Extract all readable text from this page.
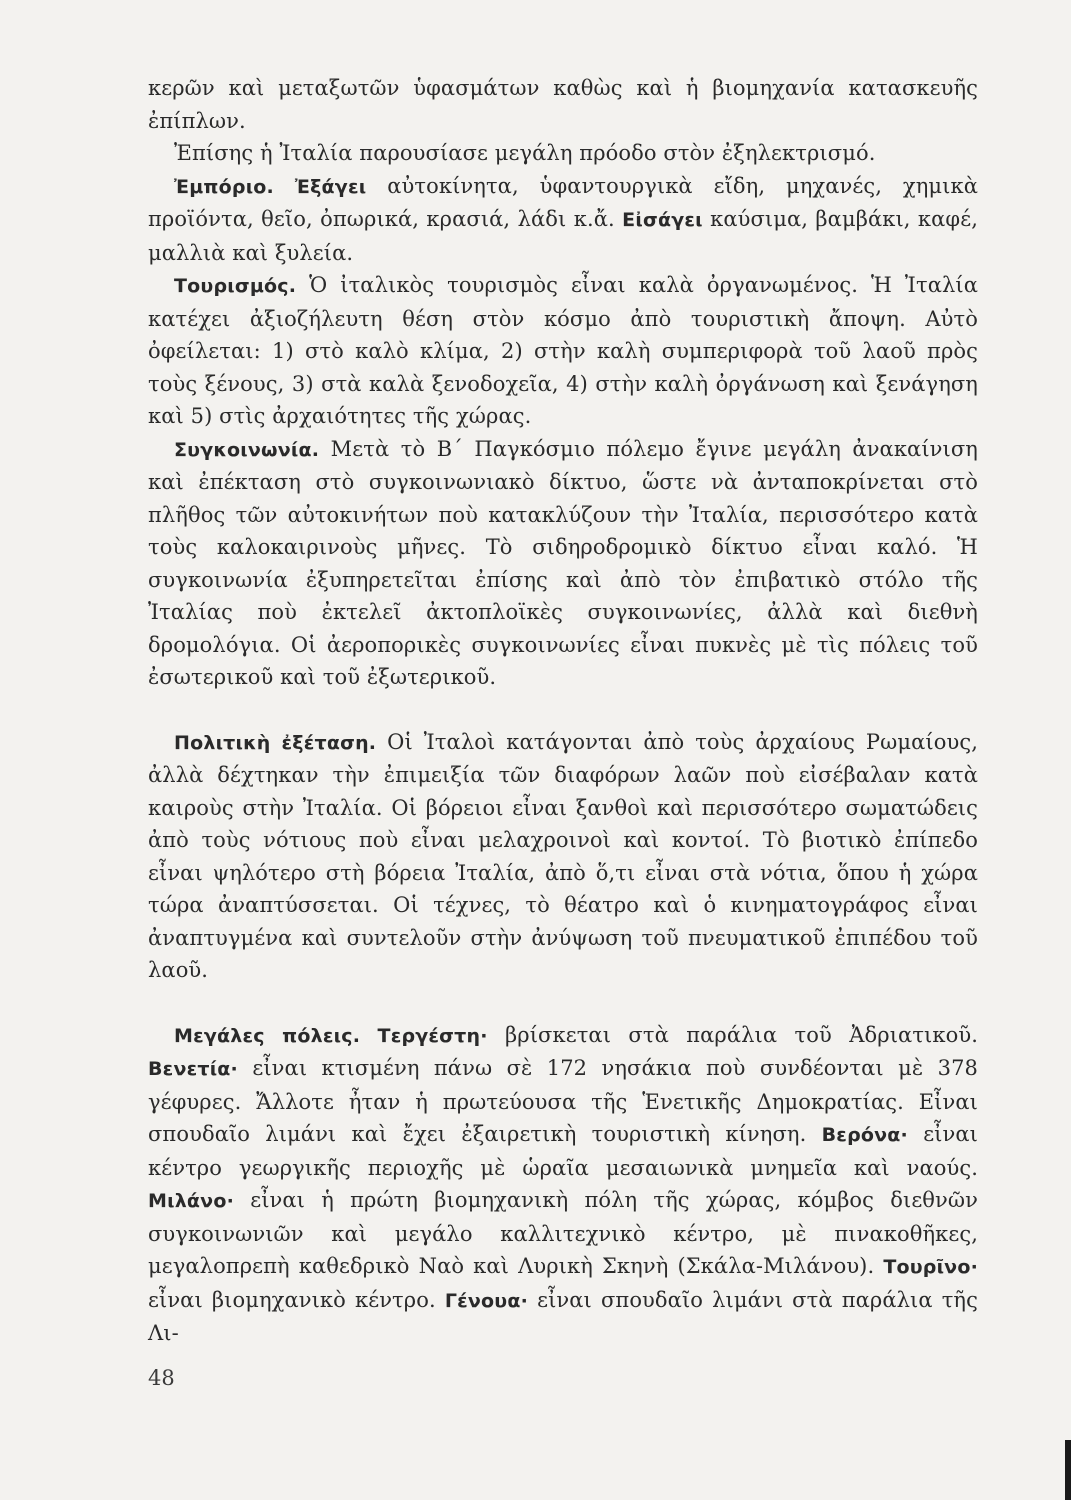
κερῶν καὶ μεταξωτῶν ὑφασμάτων καθὼς καὶ ἡ βιομηχανία κατασκευῆς ἐπίπλων.

Ἐπίσης ἡ Ἰταλία παρουσίασε μεγάλη πρόοδο στὸν ἐξηλεκτρισμό.

Ἐμπόριο. Ἐξάγει αὐτοκίνητα, ὑφαντουργικὰ εἴδη, μηχανές, χημικὰ προϊόντα, θεῖο, ὀπωρικά, κρασιά, λάδι κ.ἄ. Εἰσάγει καύσιμα, βαμβάκι, καφέ, μαλλιὰ καὶ ξυλεία.

Τουρισμός. Ὁ ἰταλικὸς τουρισμὸς εἶναι καλὰ ὀργανωμένος. Ἡ Ἰταλία κατέχει ἀξιοζήλευτη θέση στὸν κόσμο ἀπὸ τουριστικὴ ἄποψη. Αὐτὸ ὀφείλεται: 1) στὸ καλὸ κλίμα, 2) στὴν καλὴ συμπεριφορὰ τοῦ λαοῦ πρὸς τοὺς ξένους, 3) στὰ καλὰ ξενοδοχεῖα, 4) στὴν καλὴ ὀργάνωση καὶ ξενάγηση καὶ 5) στὶς ἀρχαιότητες τῆς χώρας.

Συγκοινωνία. Μετὰ τὸ Β΄ Παγκόσμιο πόλεμο ἔγινε μεγάλη ἀνακαίνιση καὶ ἐπέκταση στὸ συγκοινωνιακὸ δίκτυο, ὥστε νὰ ἀνταποκρίνεται στὸ πλῆθος τῶν αὐτοκινήτων ποὺ κατακλύζουν τὴν Ἰταλία, περισσότερο κατὰ τοὺς καλοκαιρινοὺς μῆνες. Τὸ σιδηροδρομικὸ δίκτυο εἶναι καλό. Ἡ συγκοινωνία ἐξυπηρετεῖται ἐπίσης καὶ ἀπὸ τὸν ἐπιβατικὸ στόλο τῆς Ἰταλίας ποὺ ἐκτελεῖ ἀκτοπλοϊκὲς συγκοινωνίες, ἀλλὰ καὶ διεθνὴ δρομολόγια. Οἱ ἀεροπορικὲς συγκοινωνίες εἶναι πυκνὲς μὲ τὶς πόλεις τοῦ ἐσωτερικοῦ καὶ τοῦ ἐξωτερικοῦ.

Πολιτικὴ ἐξέταση. Οἱ Ἰταλοὶ κατάγονται ἀπὸ τοὺς ἀρχαίους Ρωμαίους, ἀλλὰ δέχτηκαν τὴν ἐπιμειξία τῶν διαφόρων λαῶν ποὺ εἰσέβαλαν κατὰ καιροὺς στὴν Ἰταλία. Οἱ βόρειοι εἶναι ξανθοὶ καὶ περισσότερο σωματώδεις ἀπὸ τοὺς νότιους ποὺ εἶναι μελαχροινοὶ καὶ κοντοί. Τὸ βιοτικὸ ἐπίπεδο εἶναι ψηλότερο στὴ βόρεια Ἰταλία, ἀπὸ ὅ,τι εἶναι στὰ νότια, ὅπου ἡ χώρα τώρα ἀναπτύσσεται. Οἱ τέχνες, τὸ θέατρο καὶ ὁ κινηματογράφος εἶναι ἀναπτυγμένα καὶ συντελοῦν στὴν ἀνύψωση τοῦ πνευματικοῦ ἐπιπέδου τοῦ λαοῦ.

Μεγάλες πόλεις. Τεργέστη· βρίσκεται στὰ παράλια τοῦ Ἀδριατικοῦ. Βενετία· εἶναι κτισμένη πάνω σὲ 172 νησάκια ποὺ συνδέονται μὲ 378 γέφυρες. Ἄλλοτε ἦταν ἡ πρωτεύουσα τῆς Ἑνετικῆς Δημοκρατίας. Εἶναι σπουδαῖο λιμάνι καὶ ἔχει ἐξαιρετικὴ τουριστικὴ κίνηση. Βερόνα· εἶναι κέντρο γεωργικῆς περιοχῆς μὲ ὡραῖα μεσαιωνικὰ μνημεῖα καὶ ναούς. Μιλάνο· εἶναι ἡ πρώτη βιομηχανικὴ πόλη τῆς χώρας, κόμβος διεθνῶν συγκοινωνιῶν καὶ μεγάλο καλλιτεχνικὸ κέντρο, μὲ πινακοθῆκες, μεγαλοπρεπὴ καθεδρικὸ Ναὸ καὶ Λυρικὴ Σκηνὴ (Σκάλα-Μιλάνου). Τουρῖνο· εἶναι βιομηχανικὸ κέντρο. Γένουα· εἶναι σπουδαῖο λιμάνι στὰ παράλια τῆς Λι-

48
